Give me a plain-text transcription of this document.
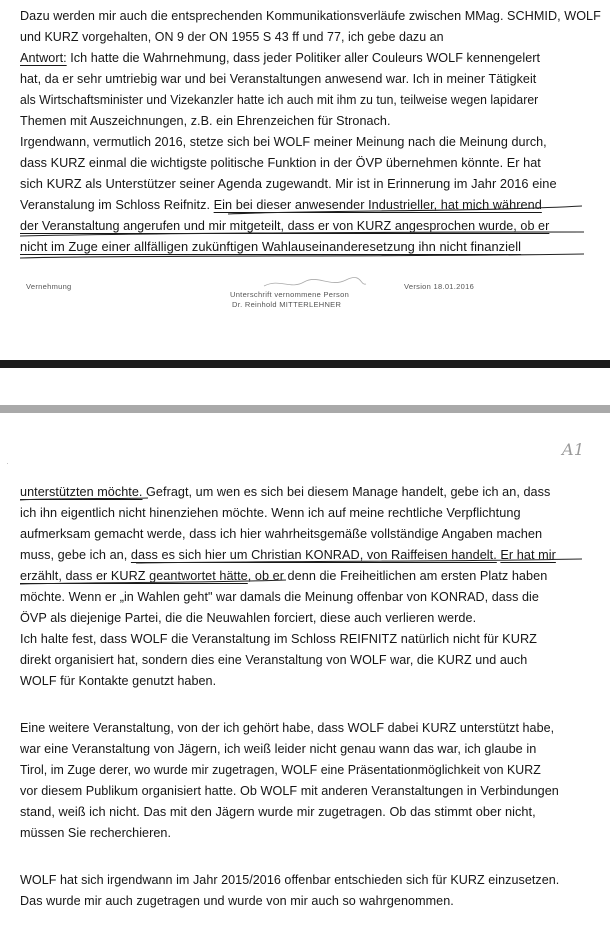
Dazu werden mir auch die entsprechenden Kommunikationsverläufe zwischen MMag. SCHMID, WOLF
und KURZ vorgehalten, ON 9 der ON 1955 S 43 ff und 77, ich gebe dazu an
Antwort: Ich hatte die Wahrnehmung, dass jeder Politiker aller Couleurs WOLF kennengelert
hat, da er sehr umtriebig war und bei Veranstaltungen anwesend war. Ich in meiner Tätigkeit
als Wirtschaftsminister und Vizekanzler hatte ich auch mit ihm zu tun, teilweise wegen lapidarer
Themen mit Auszeichnungen, z.B. ein Ehrenzeichen für Stronach.
Irgendwann, vermutlich 2016, stetze sich bei WOLF meiner Meinung nach die Meinung durch,
dass KURZ einmal die wichtigste politische Funktion in der ÖVP übernehmen könnte. Er hat
sich KURZ als Unterstützer seiner Agenda zugewandt. Mir ist in Erinnerung im Jahr 2016 eine
Veranstalung im Schloss Reifnitz. Ein bei dieser anwesender Industrieller, hat mich während
der Veranstaltung angerufen und mir mitgeteilt, dass er von KURZ angesprochen wurde, ob er
nicht im Zuge einer allfälligen zukünftigen Wahlauseinanderesetzung ihn nicht finanziell
Vernehmung
Unterschrift vernommene Person
Dr. Reinhold MITTERLEHNER
Version 18.01.2016
A1
·
unterstützten möchte. Gefragt, um wen es sich bei diesem Manage handelt, gebe ich an, dass
ich ihn eigentlich nicht hinenziehen möchte. Wenn ich auf meine rechtliche Verpflichtung
aufmerksam gemacht werde, dass ich hier wahrheitsgemäße vollständige Angaben machen
muss, gebe ich an, dass es sich hier um Christian KONRAD, von Raiffeisen handelt. Er hat mir
erzählt, dass er KURZ geantwortet hätte, ob er denn die Freiheitlichen am ersten Platz haben
möchte. Wenn er „in Wahlen geht" war damals die Meinung offenbar von KONRAD, dass die
ÖVP als diejenige Partei, die die Neuwahlen forciert, diese auch verlieren werde.
Ich halte fest, dass WOLF die Veranstaltung im Schloss REIFNITZ natürlich nicht für KURZ
direkt organisiert hat, sondern dies eine Veranstaltung von WOLF war, die KURZ und auch
WOLF für Kontakte genutzt haben.
Eine weitere Veranstaltung, von der ich gehört habe, dass WOLF dabei KURZ unterstützt habe,
war eine Veranstaltung von Jägern, ich weiß leider nicht genau wann das war, ich glaube in
Tirol, im Zuge derer, wo wurde mir zugetragen, WOLF eine Präsentationmöglichkeit von KURZ
vor diesem Publikum organisiert hatte. Ob WOLF mit anderen Veranstaltungen in Verbindungen
stand, weiß ich nicht. Das mit den Jägern wurde mir zugetragen. Ob das stimmt ober nicht,
müssen Sie recherchieren.
WOLF hat sich irgendwann im Jahr 2015/2016 offenbar entschieden sich für KURZ einzusetzen.
Das wurde mir auch zugetragen und wurde von mir auch so wahrgenommen.
